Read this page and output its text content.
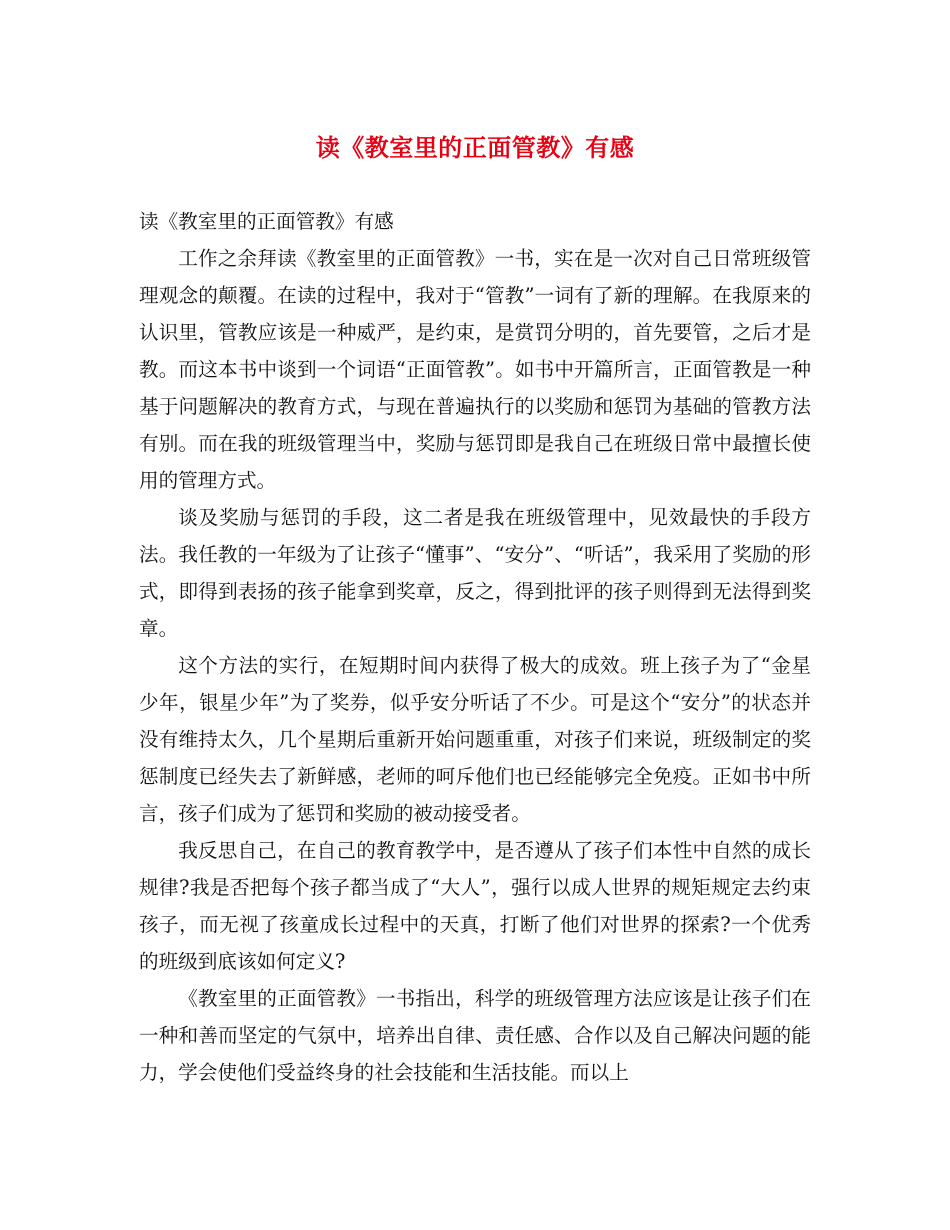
读《教室里的正面管教》有感

读《教室里的正面管教》有感

工作之余拜读《教室里的正面管教》一书，实在是一次对自己日常班级管理观念的颠覆。在读的过程中，我对于“管教”一词有了新的理解。在我原来的认识里，管教应该是一种威严，是约束，是赏罚分明的，首先要管，之后才是教。而这本书中谈到一个词语“正面管教”。如书中开篇所言，正面管教是一种基于问题解决的教育方式，与现在普遍执行的以奖励和惩罚为基础的管教方法有别。而在我的班级管理当中，奖励与惩罚即是我自己在班级日常中最擅长使用的管理方式。

谈及奖励与惩罚的手段，这二者是我在班级管理中，见效最快的手段方法。我任教的一年级为了让孩子“懂事”、“安分”、“听话”，我采用了奖励的形式，即得到表扬的孩子能拿到奖章，反之，得到批评的孩子则得到无法得到奖章。

这个方法的实行，在短期时间内获得了极大的成效。班上孩子为了“金星少年，银星少年”为了奖券，似乎安分听话了不少。可是这个“安分”的状态并没有维持太久，几个星期后重新开始问题重重，对孩子们来说，班级制定的奖惩制度已经失去了新鲜感，老师的呵斥他们也已经能够完全免疫。正如书中所言，孩子们成为了惩罚和奖励的被动接受者。

我反思自己，在自己的教育教学中，是否遵从了孩子们本性中自然的成长规律?我是否把每个孩子都当成了“大人”，强行以成人世界的规矩规定去约束孩子，而无视了孩童成长过程中的天真，打断了他们对世界的探索?一个优秀的班级到底该如何定义?

《教室里的正面管教》一书指出，科学的班级管理方法应该是让孩子们在一种和善而坚定的气氛中，培养出自律、责任感、合作以及自己解决问题的能力，学会使他们受益终身的社会技能和生活技能。而以上
